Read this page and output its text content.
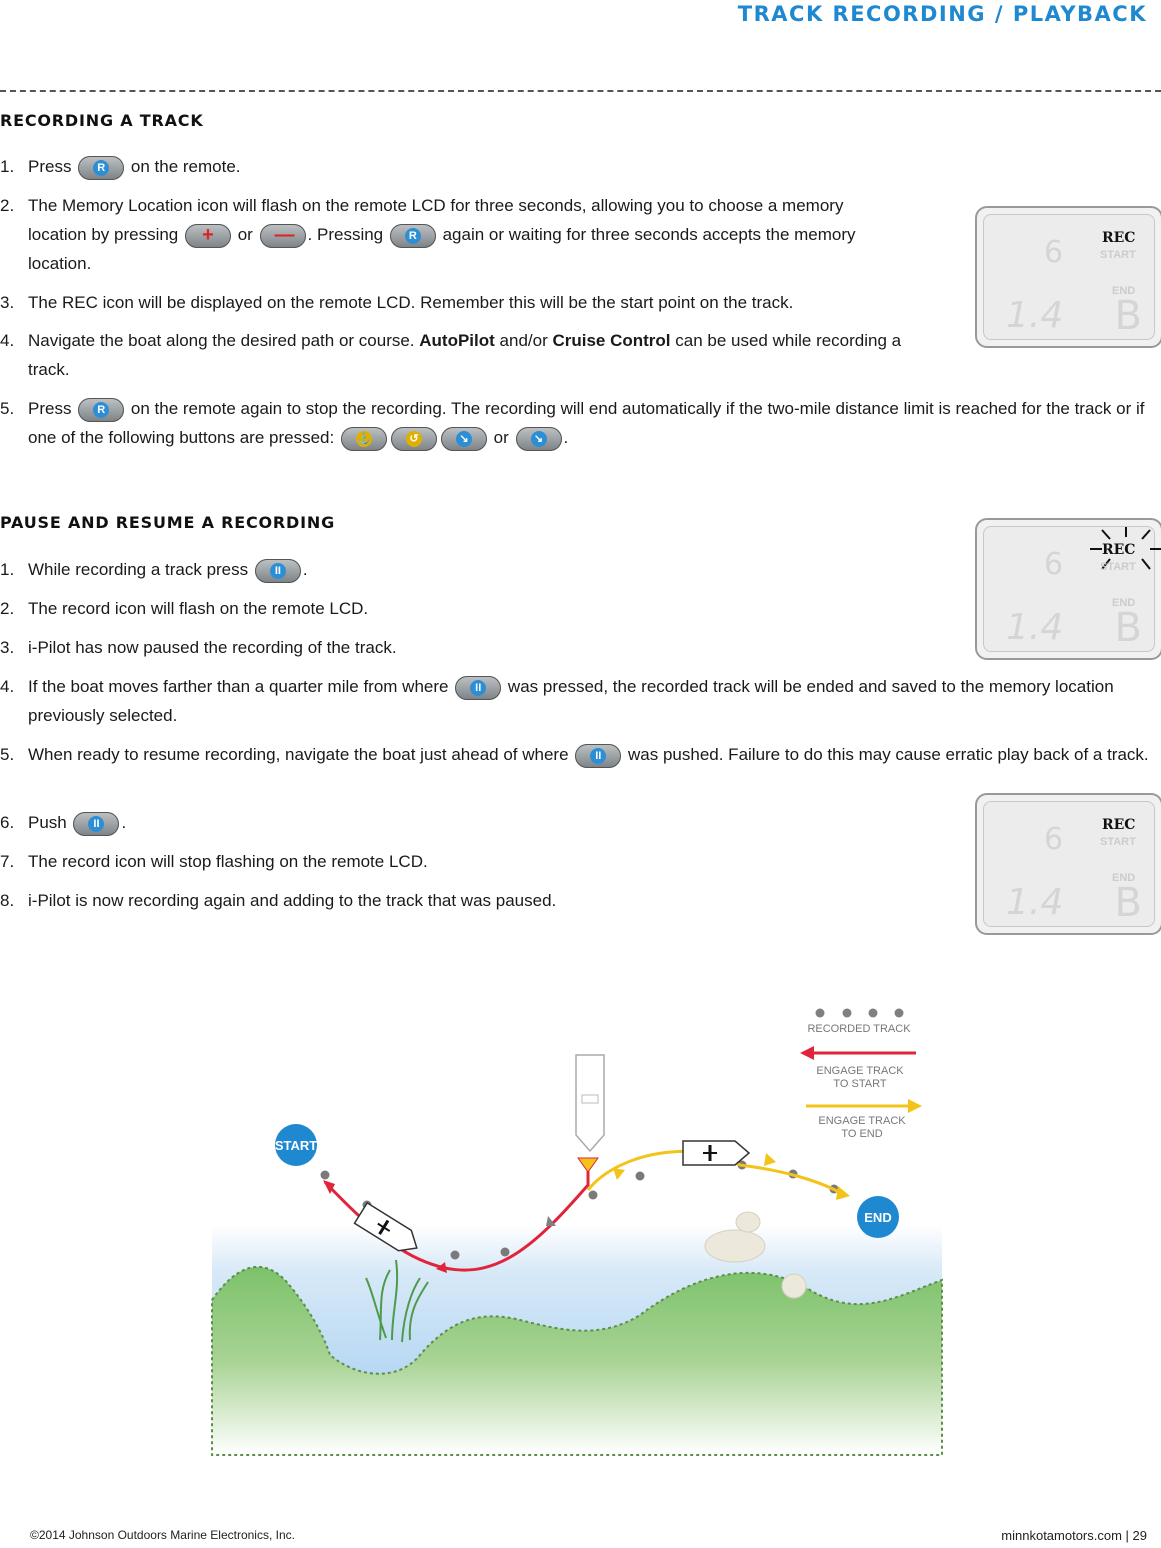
TRACK RECORDING / PLAYBACK
RECORDING A TRACK
1. Press	R on the remote.
2. The Memory Location icon will flash on the remote LCD for three seconds, allowing you to choose a memory location by pressing + or — . Pressing	R again or waiting for three seconds accepts the memory location.
3. The REC icon will be displayed on the remote LCD. Remember this will be the start point on the track.
4. Navigate the boat along the desired path or course. AutoPilot and/or Cruise Control can be used while recording a track.
5. Press	R on the remote again to stop the recording. The recording will end automatically if the two-mile distance limit is reached for the track or if one of the following buttons are pressed: ⚓	↺	↘ or	↘ .
PAUSE AND RESUME A RECORDING
1. While recording a track press	II .
2. The record icon will flash on the remote LCD.
3. i-Pilot has now paused the recording of the track.
4. If the boat moves farther than a quarter mile from where	II was pressed, the recorded track will be ended and saved to the memory location previously selected.
5. When ready to resume recording, navigate the boat just ahead of where	II was pushed. Failure to do this may cause erratic play back of a track.
6. Push	II .
7. The record icon will stop flashing on the remote LCD.
8. i-Pilot is now recording again and adding to the track that was paused.
6	REC
START
END
1.4 B
6	REC
START
END
1.4 B
6	REC
START
END
1.4 B
START
END
RECORDED TRACK
ENGAGE TRACK
TO START
ENGAGE TRACK
TO END
©2014 Johnson Outdoors Marine Electronics, Inc.	minnkotamotors.com | 29
